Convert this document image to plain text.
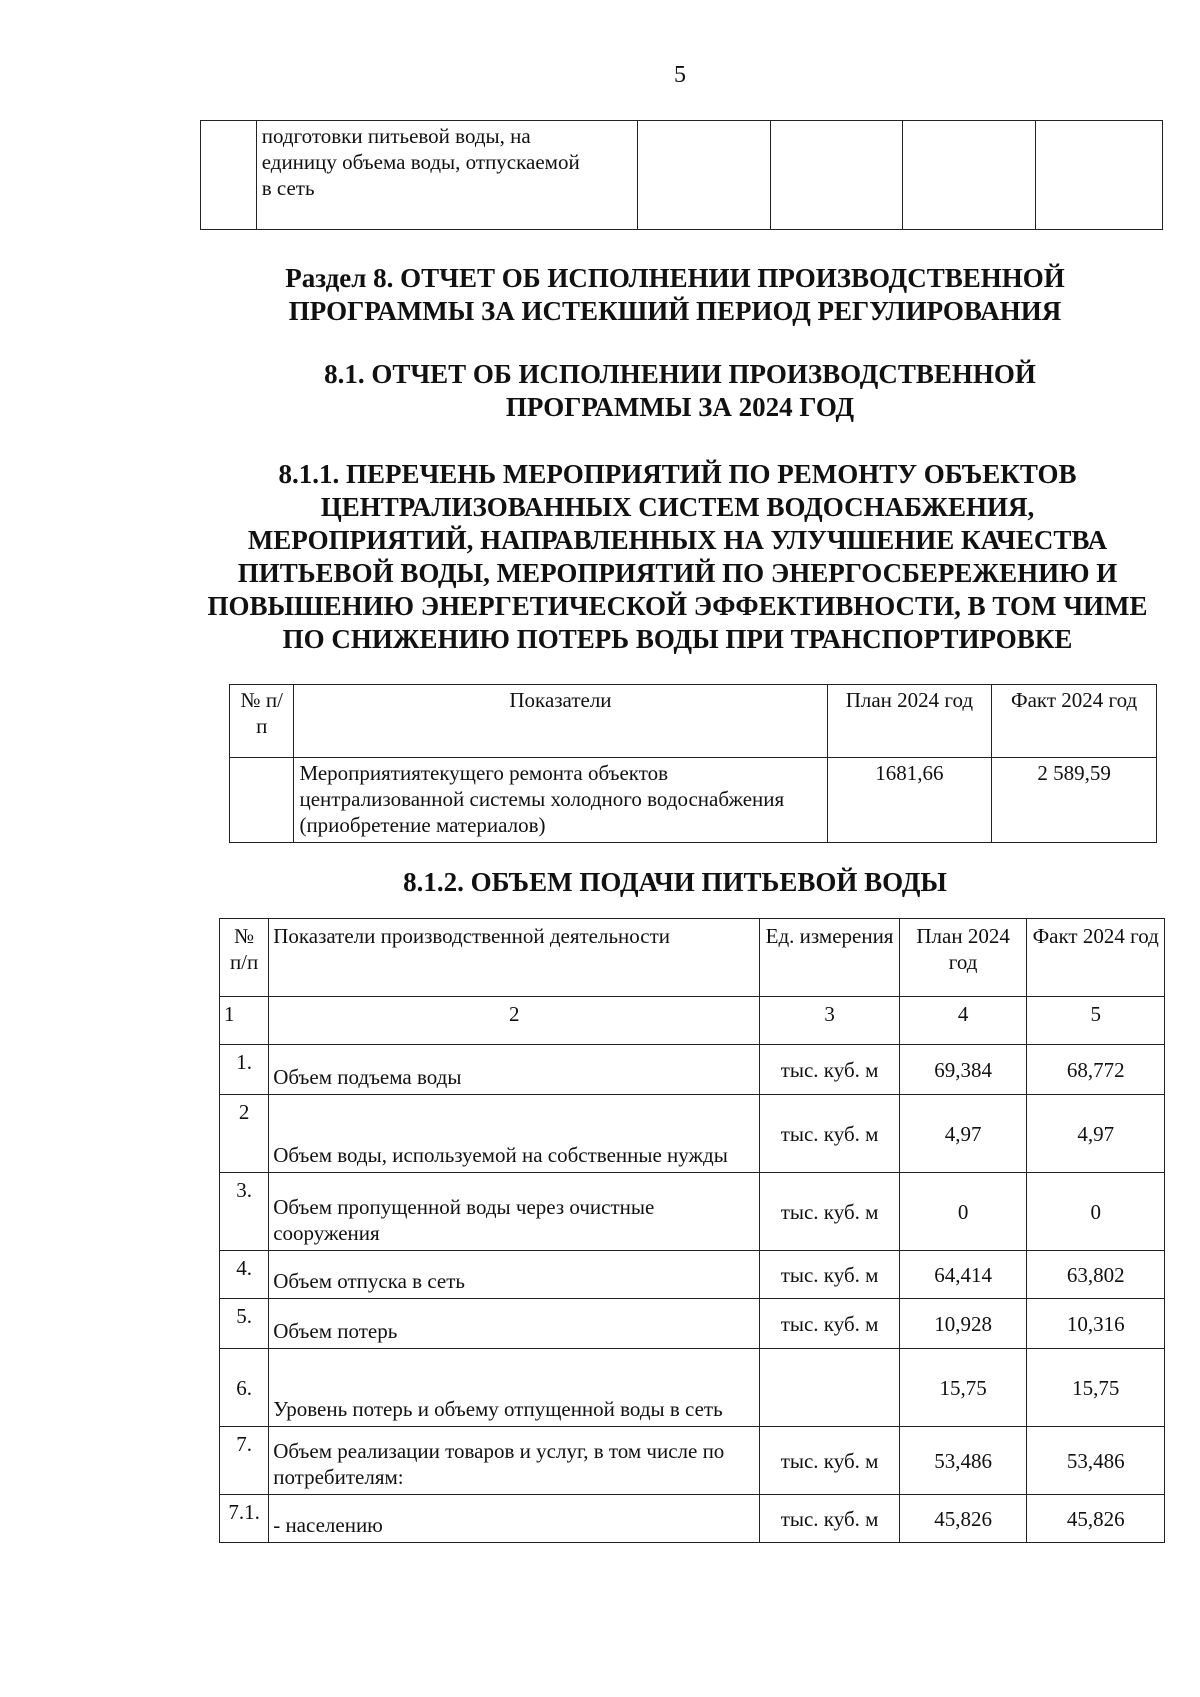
5

подготовки питьевой воды, на
единицу объема воды, отпускаемой
в сеть

Раздел 8. ОТЧЕТ ОБ ИСПОЛНЕНИИ ПРОИЗВОДСТВЕННОЙ ПРОГРАММЫ ЗА ИСТЕКШИЙ ПЕРИОД РЕГУЛИРОВАНИЯ
8.1. ОТЧЕТ ОБ ИСПОЛНЕНИИ ПРОИЗВОДСТВЕННОЙ ПРОГРАММЫ ЗА 2024 ГОД
8.1.1. ПЕРЕЧЕНЬ МЕРОПРИЯТИЙ ПО РЕМОНТУ ОБЪЕКТОВ ЦЕНТРАЛИЗОВАННЫХ СИСТЕМ ВОДОСНАБЖЕНИЯ, МЕРОПРИЯТИЙ, НАПРАВЛЕННЫХ НА УЛУЧШЕНИЕ КАЧЕСТВА ПИТЬЕВОЙ ВОДЫ, МЕРОПРИЯТИЙ ПО ЭНЕРГОСБЕРЕЖЕНИЮ И ПОВЫШЕНИЮ ЭНЕРГЕТИЧЕСКОЙ ЭФФЕКТИВНОСТИ, В ТОМ ЧИМЕ ПО СНИЖЕНИЮ ПОТЕРЬ ВОДЫ ПРИ ТРАНСПОРТИРОВКЕ
№ п/п	Показатели	План 2024 год	Факт 2024 год
	Мероприятиятекущего ремонта объектов централизованной системы холодного водоснабжения (приобретение материалов)	1681,66	2 589,59
8.1.2. ОБЪЕМ ПОДАЧИ ПИТЬЕВОЙ ВОДЫ
№ п/п	Показатели производственной деятельности	Ед. измерения	План 2024 год	Факт 2024 год
1	2	3	4	5
1.	Объем подъема воды	тыс. куб. м	69,384	68,772
2	Объем воды, используемой на собственные нужды	тыс. куб. м	4,97	4,97
3.	Объем пропущенной воды через очистные сооружения	тыс. куб. м	0	0
4.	Объем отпуска в сеть	тыс. куб. м	64,414	63,802
5.	Объем потерь	тыс. куб. м	10,928	10,316
6.	Уровень потерь и объему отпущенной воды в сеть		15,75	15,75
7.	Объем реализации товаров и услуг, в том числе по потребителям:	тыс. куб. м	53,486	53,486
7.1.	- населению	тыс. куб. м	45,826	45,826
